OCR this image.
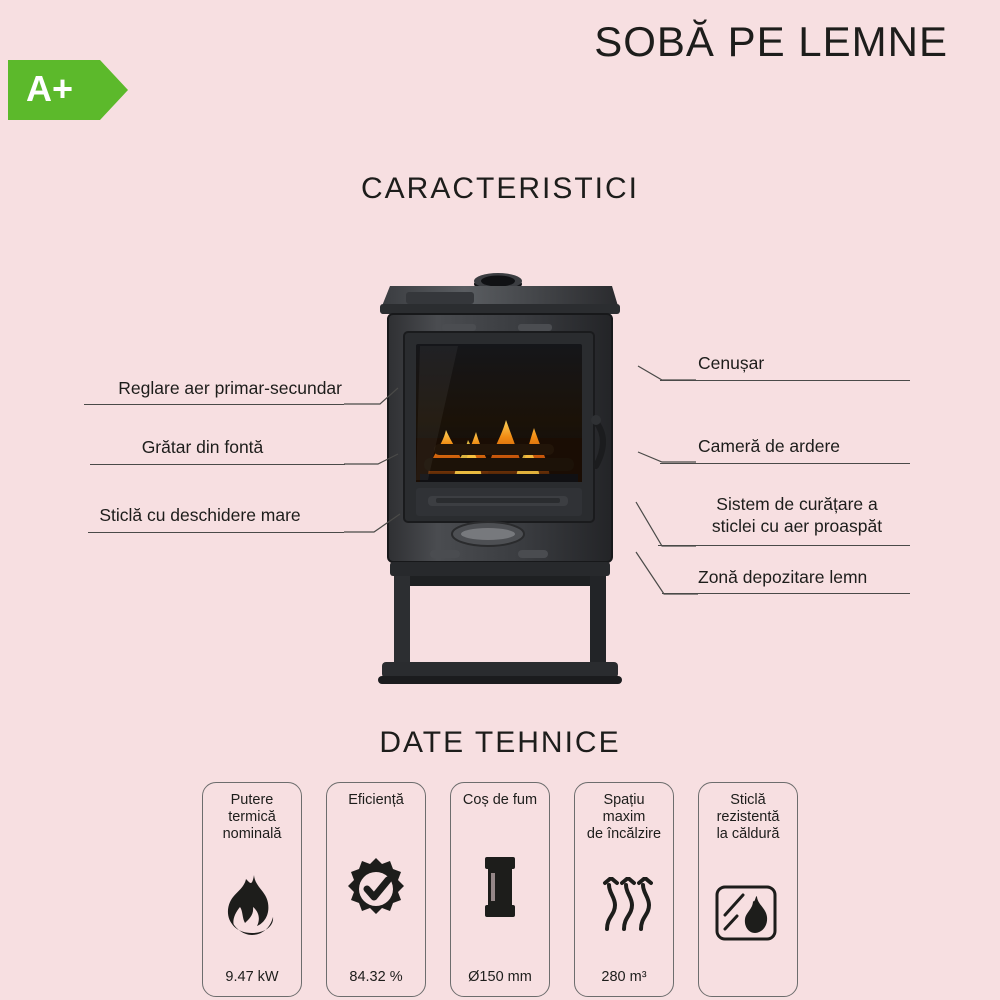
SOBĂ PE LEMNE
A+
CARACTERISTICI
Reglare aer primar-secundar
Grătar din fontă
Sticlă cu deschidere mare
Cenușar
Cameră de ardere
Sistem de curățare a
sticlei cu aer proaspăt
Zonă depozitare lemn
DATE TEHNICE
Putere
termică
nominală
9.47 kW
Eficiență
84.32 %
Coș de fum
Ø150 mm
Spațiu
maxim
de încălzire
280 m³
Sticlă
rezistentă
la căldură
